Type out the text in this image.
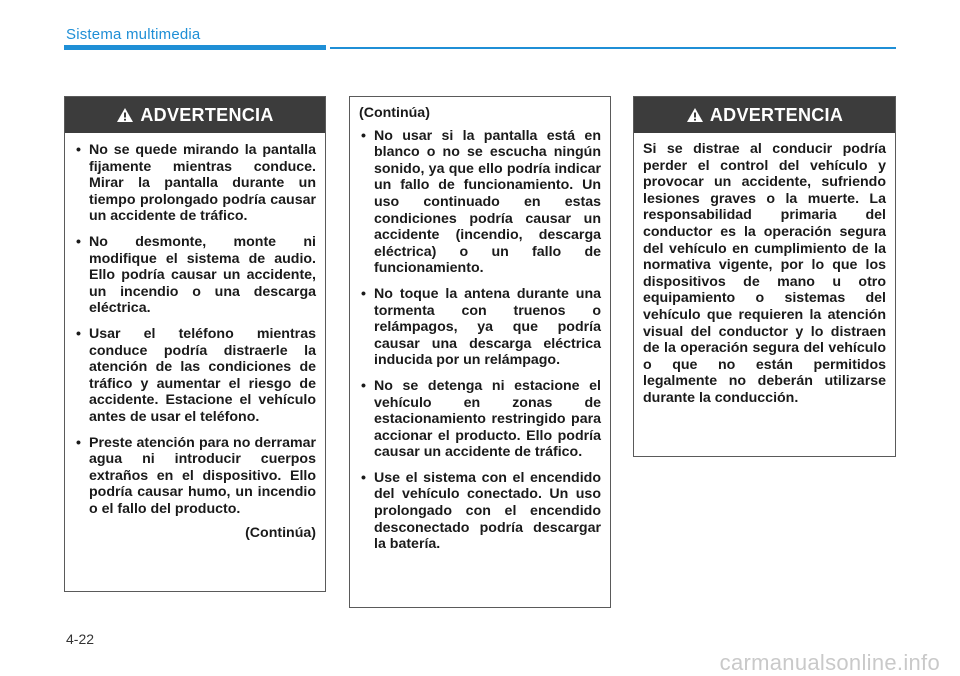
Sistema multimedia
ADVERTENCIA
• No se quede mirando la pantalla fijamente mientras conduce. Mirar la pantalla durante un tiempo prolongado podría causar un accidente de tráfico.
• No desmonte, monte ni modifique el sistema de audio. Ello podría causar un accidente, un incendio o una descarga eléctrica.
• Usar el teléfono mientras conduce podría distraerle la atención de las condiciones de tráfico y aumentar el riesgo de accidente. Estacione el vehículo antes de usar el teléfono.
• Preste atención para no derramar agua ni introducir cuerpos extraños en el dispositivo. Ello podría causar humo, un incendio o el fallo del producto.
(Continúa)
(Continúa)
• No usar si la pantalla está en blanco o no se escucha ningún sonido, ya que ello podría indicar un fallo de funcionamiento. Un uso continuado en estas condiciones podría causar un accidente (incendio, descarga eléctrica) o un fallo de funcionamiento.
• No toque la antena durante una tormenta con truenos o relámpagos, ya que podría causar una descarga eléctrica inducida por un relámpago.
• No se detenga ni estacione el vehículo en zonas de estacionamiento restringido para accionar el producto. Ello podría causar un accidente de tráfico.
• Use el sistema con el encendido del vehículo conectado. Un uso prolongado con el encendido desconectado podría descargar la batería.
ADVERTENCIA

Si se distrae al conducir podría perder el control del vehículo y provocar un accidente, sufriendo lesiones graves o la muerte. La responsabilidad primaria del conductor es la operación segura del vehículo en cumplimiento de la normativa vigente, por lo que los dispositivos de mano u otro equipamiento o sistemas del vehículo que requieren la atención visual del conductor y lo distraen de la operación segura del vehículo o que no están permitidos legalmente no deberán utilizarse durante la conducción.

4-22
carmanualsonline.info
